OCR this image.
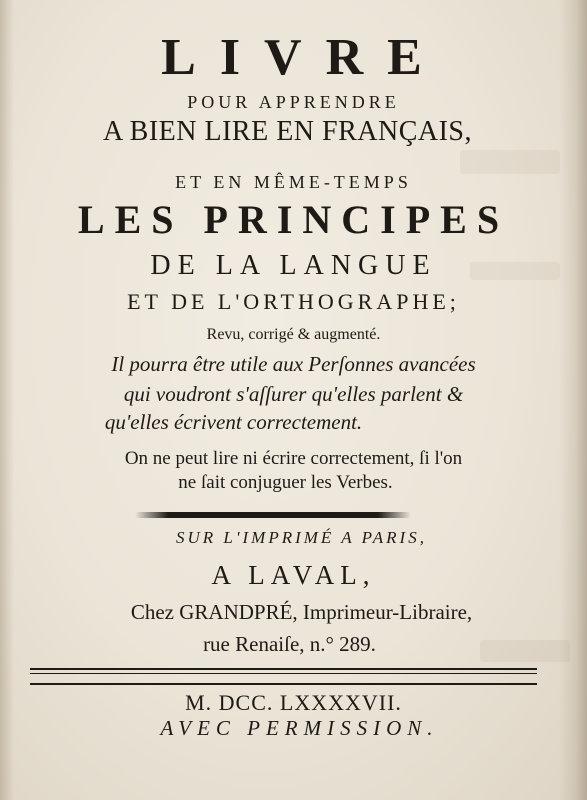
LIVRE
POUR APPRENDRE
A BIEN LIRE EN FRANÇAIS,
ET EN MÊME-TEMPS
LES PRINCIPES
DE LA LANGUE
ET DE L'ORTHOGRAPHE;
Revu, corrigé & augmenté.
Il pourra être utile aux Perſonnes avancées
qui voudront s'aſſurer qu'elles parlent &
qu'elles écrivent correctement.
On ne peut lire ni écrire correctement, ſi l'on
ne ſait conjuguer les Verbes.
SUR L'IMPRIMÉ A PARIS,
A LAVAL,
Chez GRANDPRÉ, Imprimeur-Libraire,
rue Renaiſe, n.° 289.
M. DCC. LXXXXVII.
AVEC PERMISSION.
